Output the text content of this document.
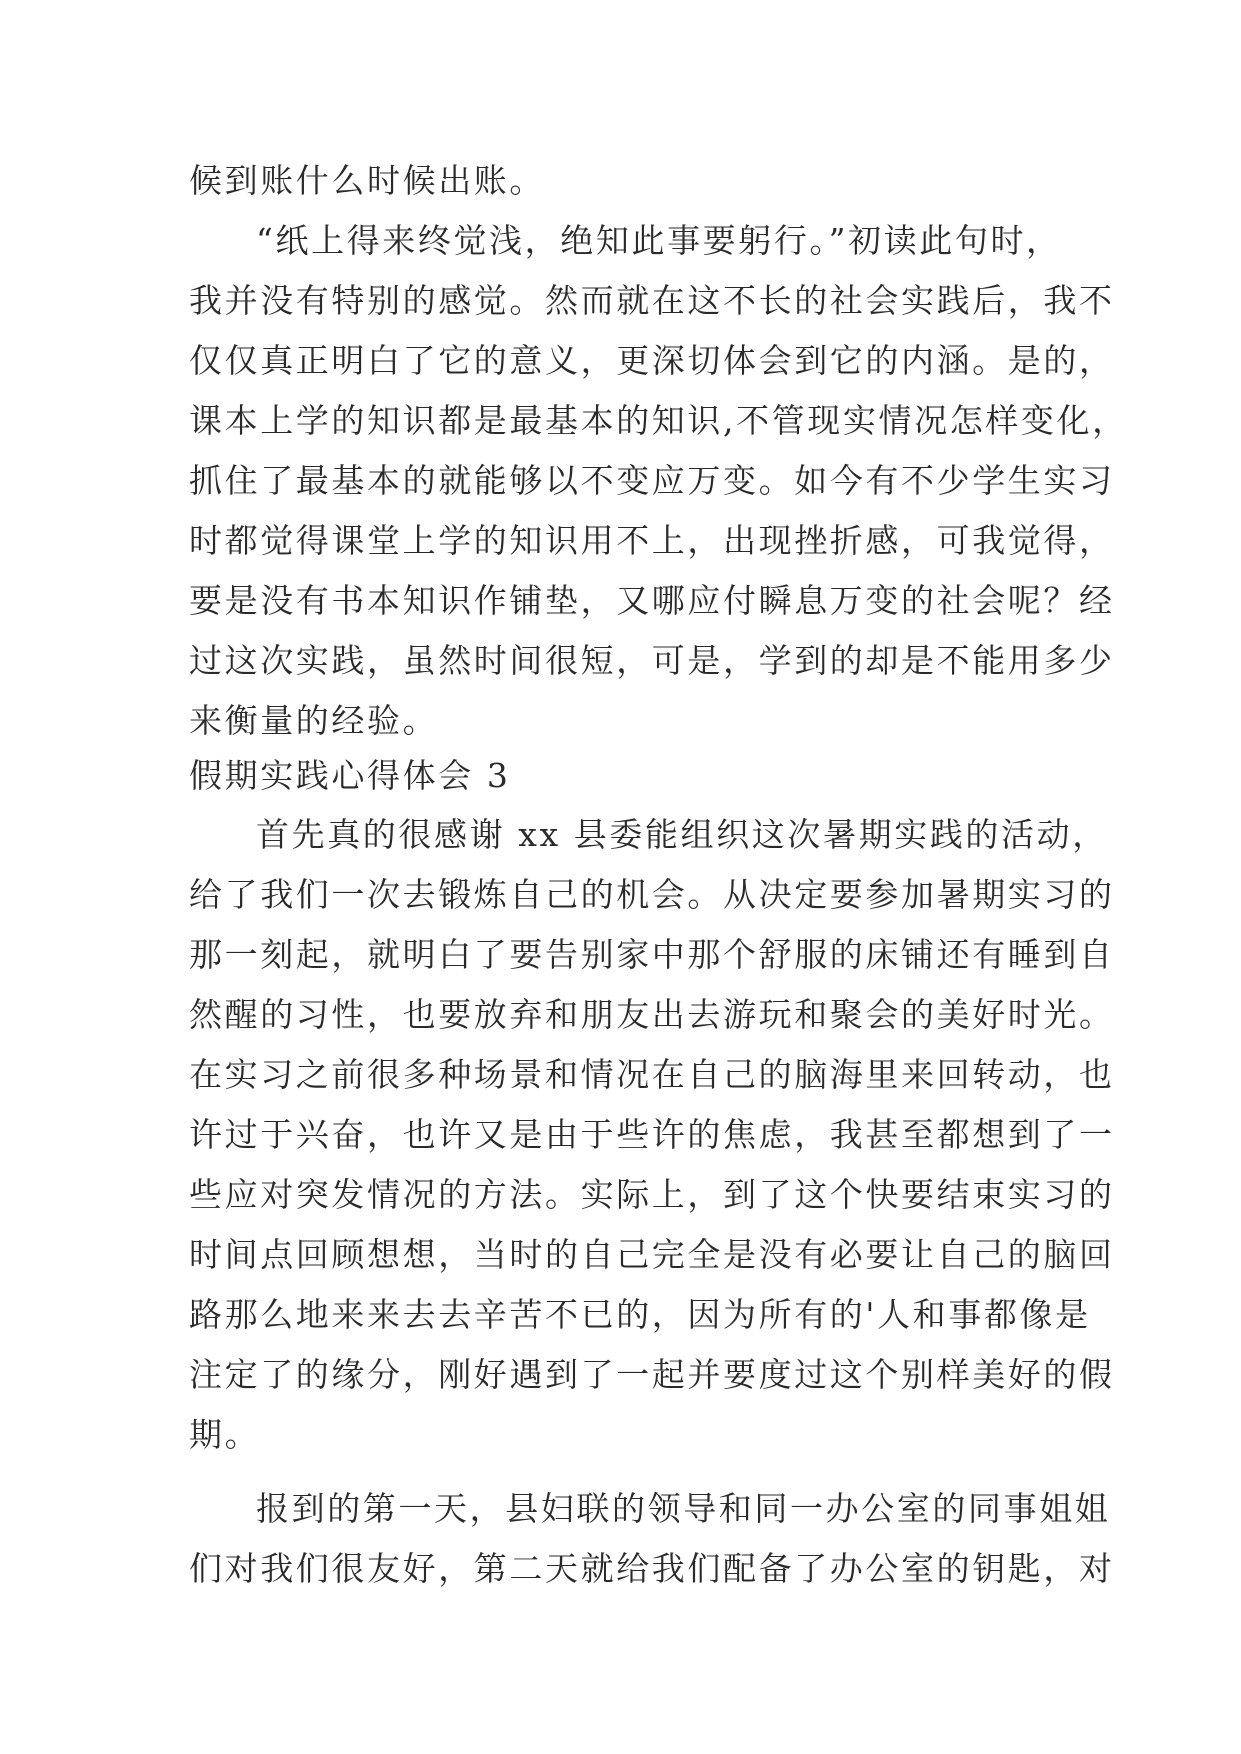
候到账什么时候出账。
“纸上得来终觉浅，绝知此事要躬行。”初读此句时，
我并没有特别的感觉。然而就在这不长的社会实践后，我不
仅仅真正明白了它的意义，更深切体会到它的内涵。是的，
课本上学的知识都是最基本的知识,不管现实情况怎样变化，
抓住了最基本的就能够以不变应万变。如今有不少学生实习
时都觉得课堂上学的知识用不上，出现挫折感，可我觉得，
要是没有书本知识作铺垫，又哪应付瞬息万变的社会呢？经
过这次实践，虽然时间很短，可是，学到的却是不能用多少
来衡量的经验。
假期实践心得体会 3
首先真的很感谢 xx 县委能组织这次暑期实践的活动，
给了我们一次去锻炼自己的机会。从决定要参加暑期实习的
那一刻起，就明白了要告别家中那个舒服的床铺还有睡到自
然醒的习性，也要放弃和朋友出去游玩和聚会的美好时光。
在实习之前很多种场景和情况在自己的脑海里来回转动，也
许过于兴奋，也许又是由于些许的焦虑，我甚至都想到了一
些应对突发情况的方法。实际上，到了这个快要结束实习的
时间点回顾想想，当时的自己完全是没有必要让自己的脑回
路那么地来来去去辛苦不已的，因为所有的'人和事都像是
注定了的缘分，刚好遇到了一起并要度过这个别样美好的假
期。
报到的第一天，县妇联的领导和同一办公室的同事姐姐
们对我们很友好，第二天就给我们配备了办公室的钥匙，对
